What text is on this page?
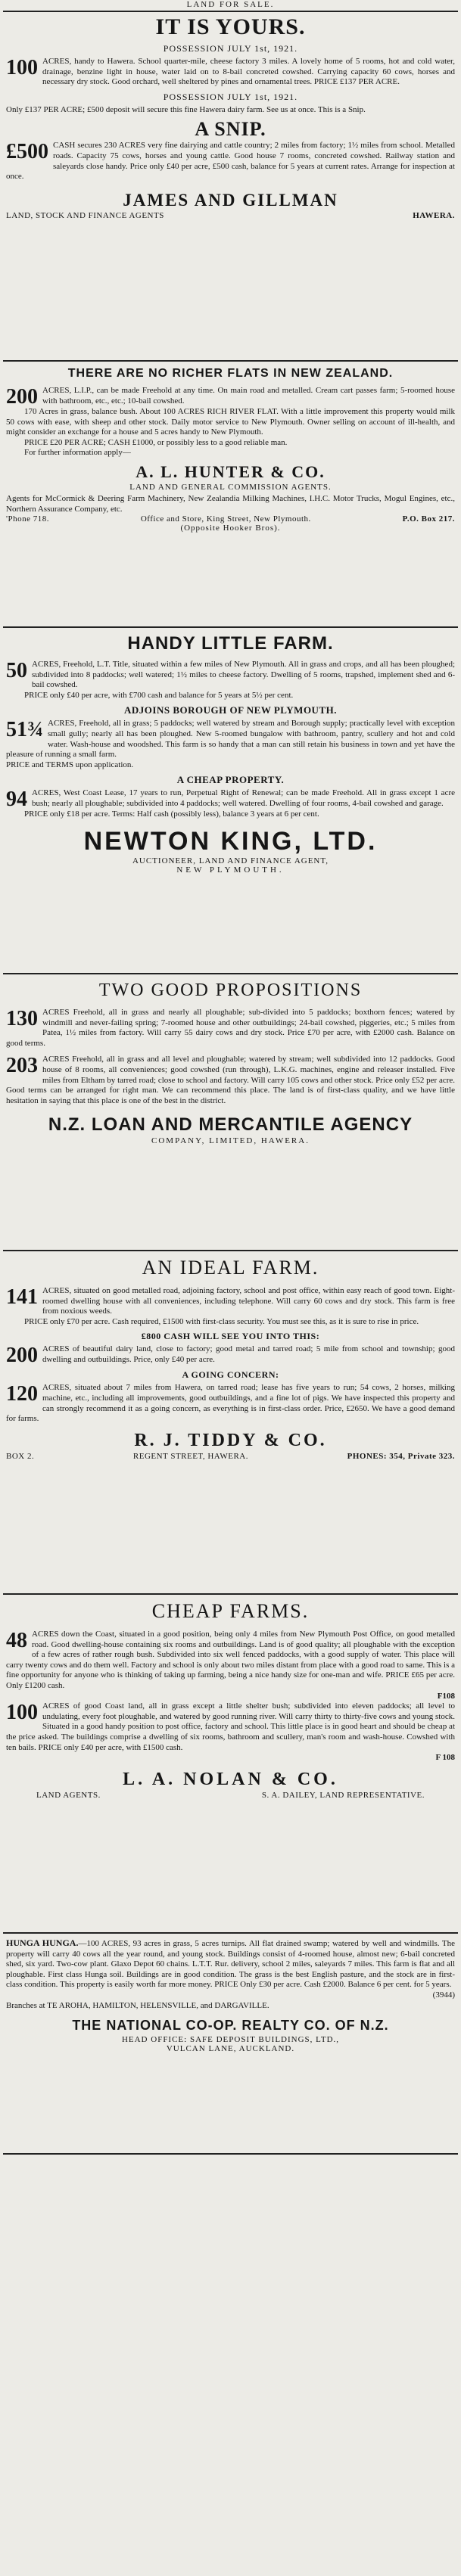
LAND FOR SALE.
IT IS YOURS.
POSSESSION JULY 1st, 1921.
100 ACRES, handy to Hawera. School quarter-mile, cheese factory 3 miles. A lovely home of 5 rooms, hot and cold water, drainage, benzine light in house, water laid on to 8-bail concreted cowshed. Carrying capacity 60 cows, horses and necessary dry stock. Good orchard, well sheltered by pines and ornamental trees. PRICE £137 PER ACRE.
POSSESSION JULY 1st, 1921.
Only £137 PER ACRE; £500 deposit will secure this fine Hawera dairy farm. See us at once. This is a Snip.
A SNIP.
£500 CASH secures 230 ACRES very fine dairying and cattle country; 2 miles from factory; 1½ miles from school. Metalled roads. Capacity 75 cows, horses and young cattle. Good house 7 rooms, concreted cowshed. Railway station and saleyards close handy. Price only £40 per acre, £500 cash, balance for 5 years at current rates. Arrange for inspection at once.
JAMES AND GILLMAN
LAND, STOCK AND FINANCE AGENTS	HAWERA.
THERE ARE NO RICHER FLATS IN NEW ZEALAND.
200 ACRES, L.I.P., can be made Freehold at any time. On main road and metalled. Cream cart passes farm; 5-roomed house with bathroom, etc., etc.; 10-bail cowshed.
170 Acres in grass, balance bush. About 100 ACRES RICH RIVER FLAT. With a little improvement this property would milk 50 cows with ease, with sheep and other stock. Daily motor service to New Plymouth. Owner selling on account of ill-health, and might consider an exchange for a house and 5 acres handy to New Plymouth.
PRICE £20 PER ACRE; CASH £1000, or possibly less to a good reliable man.
For further information apply—
A. L. HUNTER & CO.
LAND AND GENERAL COMMISSION AGENTS.
Agents for McCormick & Deering Farm Machinery, New Zealandia Milking Machines, I.H.C. Motor Trucks, Mogul Engines, etc., Northern Assurance Company, etc.
'Phone 718.	Office and Store, King Street, New Plymouth.	P.O. Box 217.
(Opposite Hooker Bros).
HANDY LITTLE FARM.
50 ACRES, Freehold, L.T. Title, situated within a few miles of New Plymouth. All in grass and crops, and all has been ploughed; subdivided into 8 paddocks; well watered; 1½ miles to cheese factory. Dwelling of 5 rooms, trapshed, implement shed and 6-bail cowshed.
PRICE only £40 per acre, with £700 cash and balance for 5 years at 5½ per cent.
ADJOINS BOROUGH OF NEW PLYMOUTH.
51¾ ACRES, Freehold, all in grass; 5 paddocks; well watered by stream and Borough supply; practically level with exception small gully; nearly all has been ploughed. New 5-roomed bungalow with bathroom, pantry, scullery and hot and cold water. Wash-house and woodshed. This farm is so handy that a man can still retain his business in town and yet have the pleasure of running a small farm.
PRICE and TERMS upon application.
A CHEAP PROPERTY.
94 ACRES, West Coast Lease, 17 years to run, Perpetual Right of Renewal; can be made Freehold. All in grass except 1 acre bush; nearly all ploughable; subdivided into 4 paddocks; well watered. Dwelling of four rooms, 4-bail cowshed and garage.
PRICE only £18 per acre. Terms: Half cash (possibly less), balance 3 years at 6 per cent.
NEWTON KING, LTD.
AUCTIONEER, LAND AND FINANCE AGENT,
NEW PLYMOUTH.
TWO GOOD PROPOSITIONS
130 ACRES Freehold, all in grass and nearly all ploughable; sub-divided into 5 paddocks; boxthorn fences; watered by windmill and never-failing spring; 7-roomed house and other outbuildings; 24-bail cowshed, piggeries, etc.; 5 miles from Patea, 1½ miles from factory. Will carry 55 dairy cows and dry stock. Price £70 per acre, with £2000 cash. Balance on good terms.
203 ACRES Freehold, all in grass and all level and ploughable; watered by stream; well subdivided into 12 paddocks. Good house of 8 rooms, all conveniences; good cowshed (run through), L.K.G. machines, engine and releaser installed. Five miles from Eltham by tarred road; close to school and factory. Will carry 105 cows and other stock. Price only £52 per acre. Good terms can be arranged for right man. We can recommend this place. The land is of first-class quality, and we have little hesitation in saying that this place is one of the best in the district.
N.Z. LOAN AND MERCANTILE AGENCY
COMPANY, LIMITED, HAWERA.
AN IDEAL FARM.
141 ACRES, situated on good metalled road, adjoining factory, school and post office, within easy reach of good town. Eight-roomed dwelling house with all conveniences, including telephone. Will carry 60 cows and dry stock. This farm is free from noxious weeds.
PRICE only £70 per acre. Cash required, £1500 with first-class security. You must see this, as it is sure to rise in price.
£800 CASH WILL SEE YOU INTO THIS:
200 ACRES of beautiful dairy land, close to factory; good metal and tarred road; 5 mile from school and township; good dwelling and outbuildings. Price, only £40 per acre.
A GOING CONCERN:
120 ACRES, situated about 7 miles from Hawera, on tarred road; lease has five years to run; 54 cows, 2 horses, milking machine, etc., including all improvements, good outbuildings, and a fine lot of pigs. We have inspected this property and can strongly recommend it as a going concern, as everything is in first-class order. Price, £2650. We have a good demand for farms.
R. J. TIDDY & CO.
BOX 2.	REGENT STREET, HAWERA.	PHONES: 354, Private 323.
CHEAP FARMS.
48 ACRES down the Coast, situated in a good position, being only 4 miles from New Plymouth Post Office, on good metalled road. Good dwelling-house containing six rooms and outbuildings. Land is of good quality; all ploughable with the exception of a few acres of rather rough bush. Subdivided into six well fenced paddocks, with a good supply of water. This place will carry twenty cows and do them well. Factory and school is only about two miles distant from place with a good road to same. This is a fine opportunity for anyone who is thinking of taking up farming, being a nice handy size for one-man and wife. PRICE £65 per acre. Only £1200 cash.
F108
100 ACRES of good Coast land, all in grass except a little shelter bush; subdivided into eleven paddocks; all level to undulating, every foot ploughable, and watered by good running river. Will carry thirty to thirty-five cows and young stock. Situated in a good handy position to post office, factory and school. This little place is in good heart and should be cheap at the price asked. The buildings comprise a dwelling of six rooms, bathroom and scullery, man's room and wash-house. Cowshed with ten bails. PRICE only £40 per acre, with £1500 cash.
F 108
L. A. NOLAN & CO.
LAND AGENTS.	S. A. DAILEY, LAND REPRESENTATIVE.
HUNGA HUNGA.—100 ACRES, 93 acres in grass, 5 acres turnips. All flat drained swamp; watered by well and windmills. The property will carry 40 cows all the year round, and young stock. Buildings consist of 4-roomed house, almost new; 6-bail concreted shed, six yard. Two-cow plant. Glaxo Depot 60 chains. L.T.T. Rur. delivery, school 2 miles, saleyards 7 miles. This farm is flat and all ploughable. First class Hunga soil. Buildings are in good condition. The grass is the best English pasture, and the stock are in first-class condition. This property is easily worth far more money. PRICE Only £30 per acre. Cash £2000. Balance 6 per cent. for 5 years.
(3944)
Branches at TE AROHA, HAMILTON, HELENSVILLE, and DARGAVILLE.
THE NATIONAL CO-OP. REALTY CO. OF N.Z.
HEAD OFFICE: SAFE DEPOSIT BUILDINGS, LTD.,
VULCAN LANE, AUCKLAND.
